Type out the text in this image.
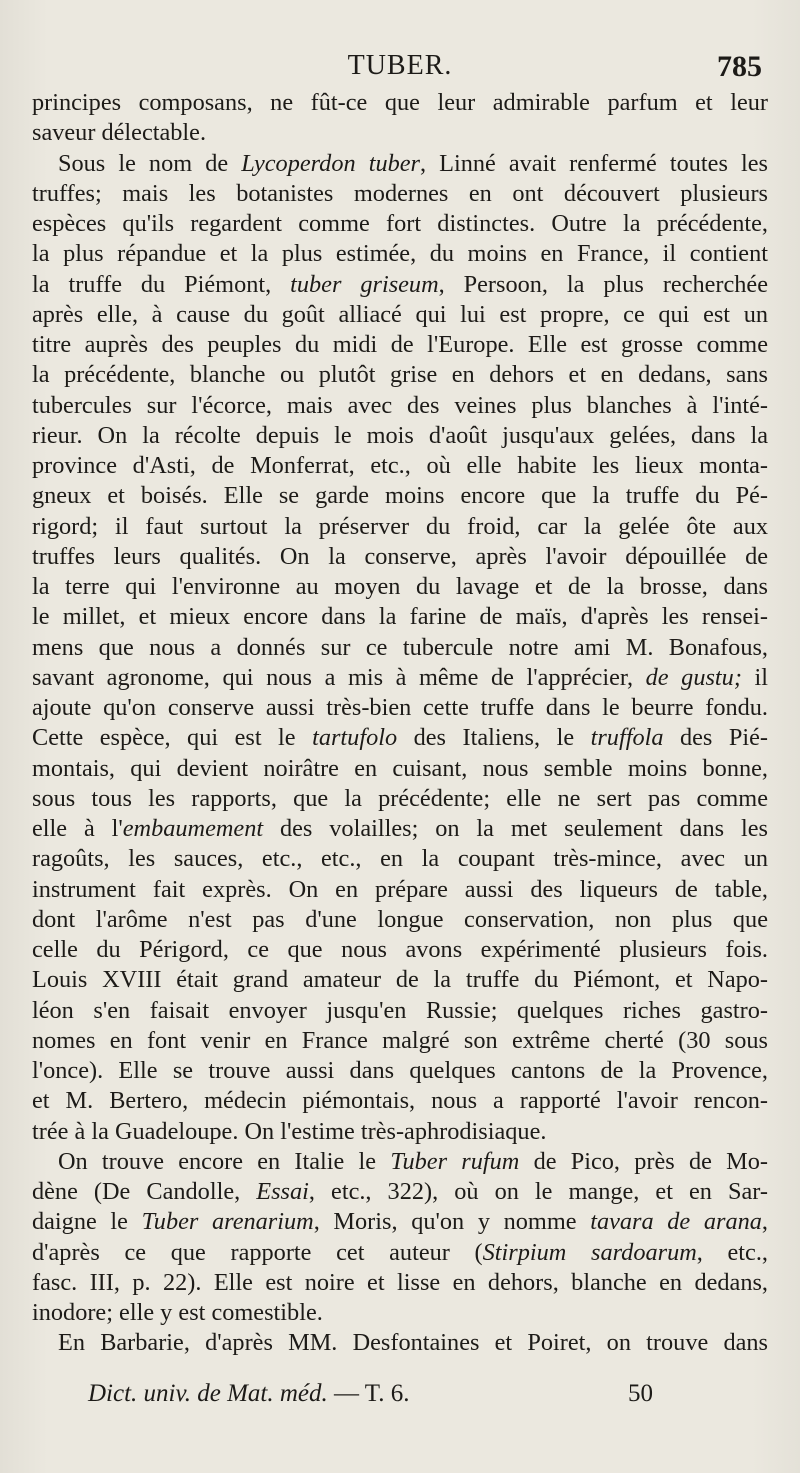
TUBER.	785
principes composans, ne fût-ce que leur admirable parfum et leur
saveur délectable.
Sous le nom de Lycoperdon tuber, Linné avait renfermé toutes les
truffes; mais les botanistes modernes en ont découvert plusieurs
espèces qu'ils regardent comme fort distinctes. Outre la précédente,
la plus répandue et la plus estimée, du moins en France, il contient
la truffe du Piémont, tuber griseum, Persoon, la plus recherchée
après elle, à cause du goût alliacé qui lui est propre, ce qui est un
titre auprès des peuples du midi de l'Europe. Elle est grosse comme
la précédente, blanche ou plutôt grise en dehors et en dedans, sans
tubercules sur l'écorce, mais avec des veines plus blanches à l'inté-
rieur. On la récolte depuis le mois d'août jusqu'aux gelées, dans la
province d'Asti, de Monferrat, etc., où elle habite les lieux monta-
gneux et boisés. Elle se garde moins encore que la truffe du Pé-
rigord; il faut surtout la préserver du froid, car la gelée ôte aux
truffes leurs qualités. On la conserve, après l'avoir dépouillée de
la terre qui l'environne au moyen du lavage et de la brosse, dans
le millet, et mieux encore dans la farine de maïs, d'après les rensei-
mens que nous a donnés sur ce tubercule notre ami M. Bonafous,
savant agronome, qui nous a mis à même de l'apprécier, de gustu; il
ajoute qu'on conserve aussi très-bien cette truffe dans le beurre fondu.
Cette espèce, qui est le tartufolo des Italiens, le truffola des Pié-
montais, qui devient noirâtre en cuisant, nous semble moins bonne,
sous tous les rapports, que la précédente; elle ne sert pas comme
elle à l'embaumement des volailles; on la met seulement dans les
ragoûts, les sauces, etc., etc., en la coupant très-mince, avec un
instrument fait exprès. On en prépare aussi des liqueurs de table,
dont l'arôme n'est pas d'une longue conservation, non plus que
celle du Périgord, ce que nous avons expérimenté plusieurs fois.
Louis XVIII était grand amateur de la truffe du Piémont, et Napo-
léon s'en faisait envoyer jusqu'en Russie; quelques riches gastro-
nomes en font venir en France malgré son extrême cherté (30 sous
l'once). Elle se trouve aussi dans quelques cantons de la Provence,
et M. Bertero, médecin piémontais, nous a rapporté l'avoir rencon-
trée à la Guadeloupe. On l'estime très-aphrodisiaque.
On trouve encore en Italie le Tuber rufum de Pico, près de Mo-
dène (De Candolle, Essai, etc., 322), où on le mange, et en Sar-
daigne le Tuber arenarium, Moris, qu'on y nomme tavara de arana,
d'après ce que rapporte cet auteur (Stirpium sardoarum, etc.,
fasc. III, p. 22). Elle est noire et lisse en dehors, blanche en dedans,
inodore; elle y est comestible.
En Barbarie, d'après MM. Desfontaines et Poiret, on trouve dans
Dict. univ. de Mat. méd. — T. 6.	50
